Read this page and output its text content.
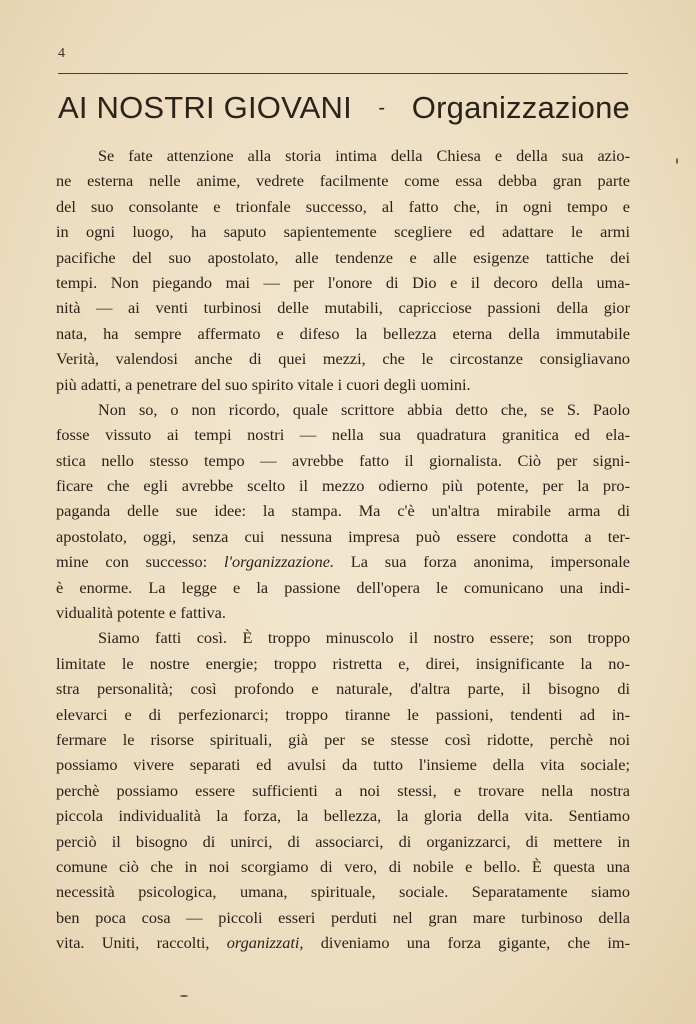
4
AI NOSTRI GIOVANI - Organizzazione
Se fate attenzione alla storia intima della Chiesa e della sua azio-
ne esterna nelle anime, vedrete facilmente come essa debba gran parte
del suo consolante e trionfale successo, al fatto che, in ogni tempo e
in ogni luogo, ha saputo sapientemente scegliere ed adattare le armi
pacifiche del suo apostolato, alle tendenze e alle esigenze tattiche dei
tempi. Non piegando mai — per l'onore di Dio e il decoro della uma-
nità — ai venti turbinosi delle mutabili, capricciose passioni della gior
nata, ha sempre affermato e difeso la bellezza eterna della immutabile
Verità, valendosi anche di quei mezzi, che le circostanze consigliavano
più adatti, a penetrare del suo spirito vitale i cuori degli uomini.
Non so, o non ricordo, quale scrittore abbia detto che, se S. Paolo
fosse vissuto ai tempi nostri — nella sua quadratura granitica ed ela-
stica nello stesso tempo — avrebbe fatto il giornalista. Ciò per signi-
ficare che egli avrebbe scelto il mezzo odierno più potente, per la pro-
paganda delle sue idee: la stampa. Ma c'è un'altra mirabile arma di
apostolato, oggi, senza cui nessuna impresa può essere condotta a ter-
mine con successo: l'organizzazione. La sua forza anonima, impersonale
è enorme. La legge e la passione dell'opera le comunicano una indi-
vidualità potente e fattiva.
Siamo fatti così. È troppo minuscolo il nostro essere; son troppo
limitate le nostre energie; troppo ristretta e, direi, insignificante la no-
stra personalità; così profondo e naturale, d'altra parte, il bisogno di
elevarci e di perfezionarci; troppo tiranne le passioni, tendenti ad in-
fermare le risorse spirituali, già per se stesse così ridotte, perchè noi
possiamo vivere separati ed avulsi da tutto l'insieme della vita sociale;
perchè possiamo essere sufficienti a noi stessi, e trovare nella nostra
piccola individualità la forza, la bellezza, la gloria della vita. Sentiamo
perciò il bisogno di unirci, di associarci, di organizzarci, di mettere in
comune ciò che in noi scorgiamo di vero, di nobile e bello. È questa una
necessità psicologica, umana, spirituale, sociale. Separatamente siamo
ben poca cosa — piccoli esseri perduti nel gran mare turbinoso della
vita. Uniti, raccolti, organizzati, diveniamo una forza gigante, che im-
